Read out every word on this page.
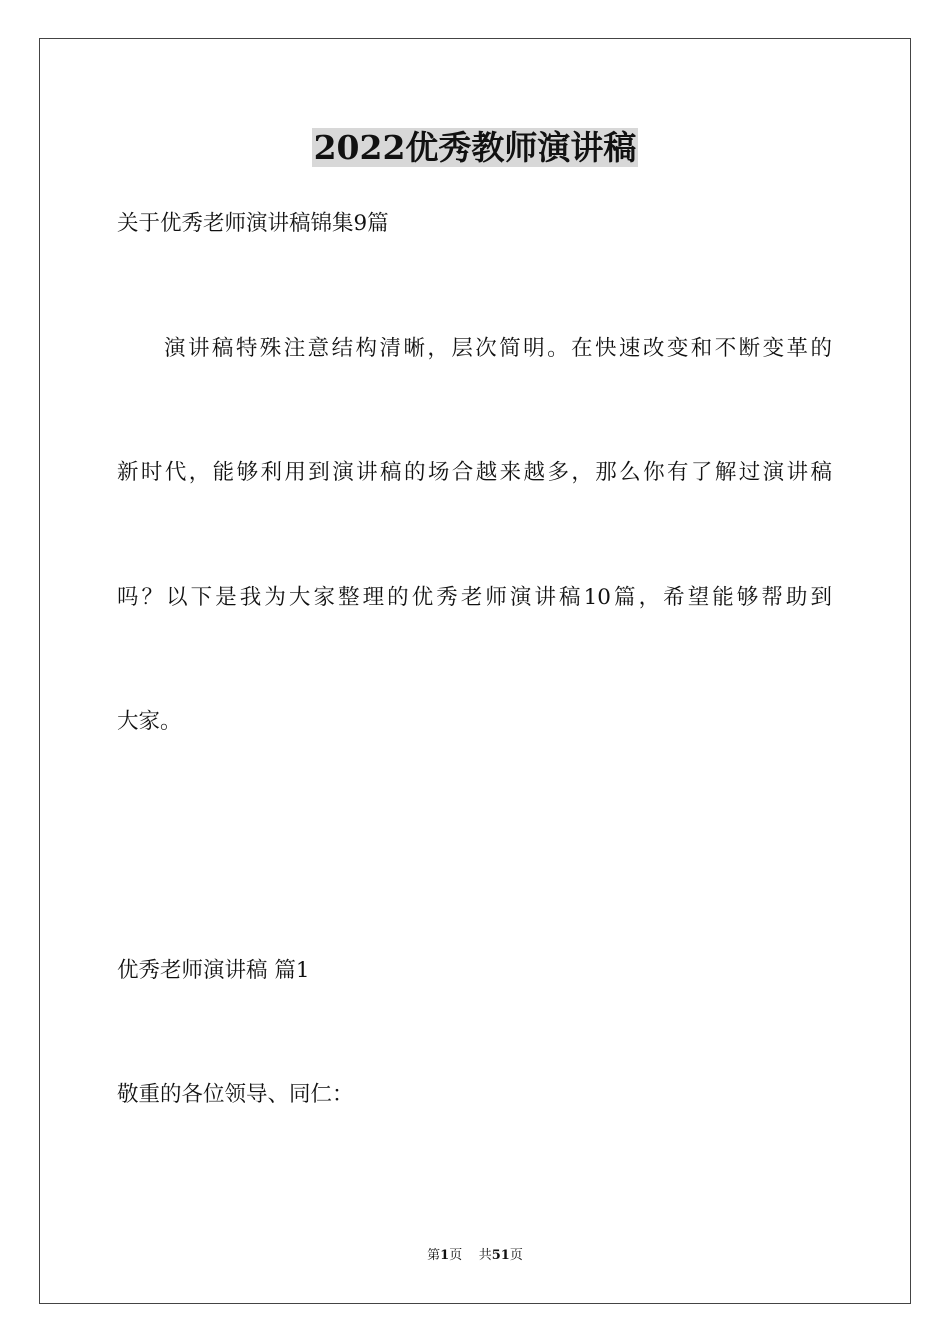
2022优秀教师演讲稿
关于优秀老师演讲稿锦集9篇
演讲稿特殊注意结构清晰，层次简明。在快速改变和不断变革的
新时代，能够利用到演讲稿的场合越来越多，那么你有了解过演讲稿
吗？以下是我为大家整理的优秀老师演讲稿10篇，希望能够帮助到
大家。
优秀老师演讲稿 篇1
敬重的各位领导、同仁：
第1页 共51页
